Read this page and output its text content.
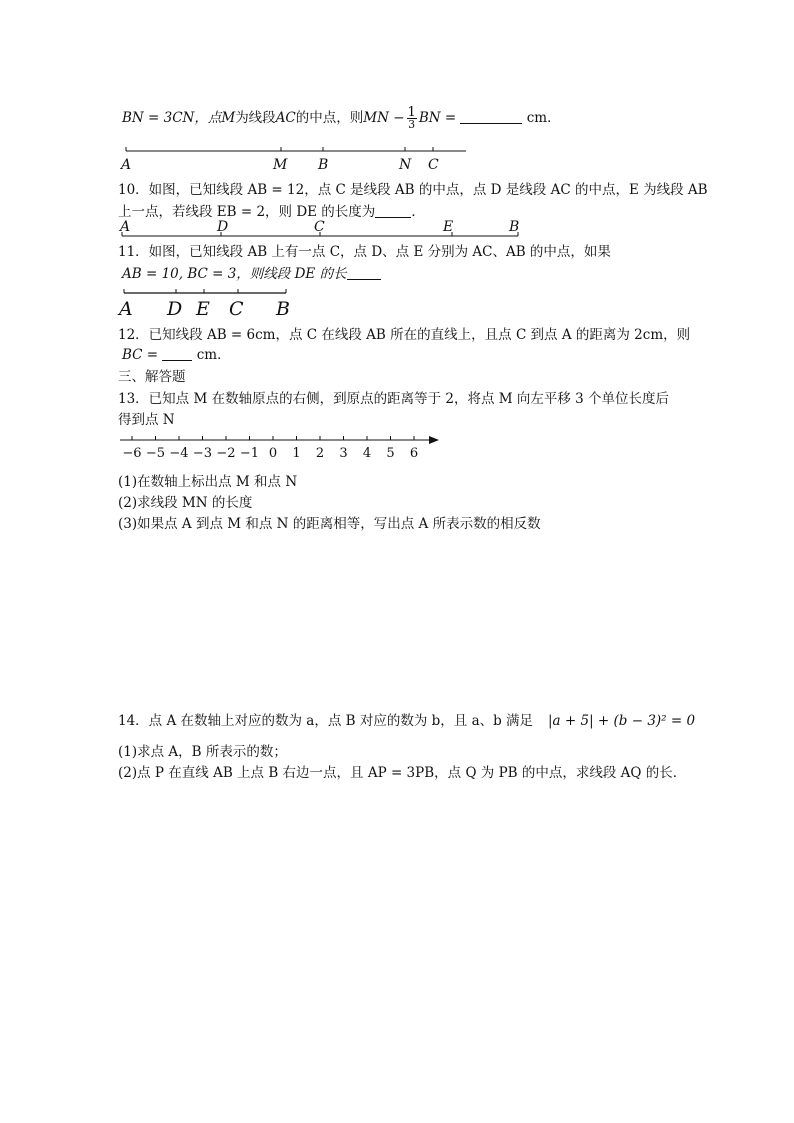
BN = 3CN，点M为线段AC的中点，则MN − $\frac{1}{3}$ BN =	cm．
10．如图，已知线段 AB = 12，点 C 是线段 AB 的中点，点 D 是线段 AC 的中点，E 为线段 AB
上一点，若线段 EB = 2，则 DE 的长度为	．
11．如图，已知线段 AB 上有一点 C，点 D、点 E 分别为 AC、AB 的中点，如果
AB = 10, BC = 3，则线段 DE 的长
12．已知线段 AB = 6cm，点 C 在线段 AB 所在的直线上，且点 C 到点 A 的距离为 2cm，则
BC =	cm．
三、解答题
13．已知点 M 在数轴原点的右侧，到原点的距离等于 2，将点 M 向左平移 3 个单位长度后
得到点 N
(1)在数轴上标出点 M 和点 N
(2)求线段 MN 的长度
(3)如果点 A 到点 M 和点 N 的距离相等，写出点 A 所表示数的相反数
14．点 A 在数轴上对应的数为 a，点 B 对应的数为 b，且 a、b 满足 |a + 5| + (b − 3)² = 0
(1)求点 A，B 所表示的数；
(2)点 P 在直线 AB 上点 B 右边一点，且 AP = 3PB，点 Q 为 PB 的中点，求线段 AQ 的长．
A	M B	N C
A	D	C	E	B
A D E C B
−6 −5 −4 −3 −2 −1 0 1 2 3 4 5 6
